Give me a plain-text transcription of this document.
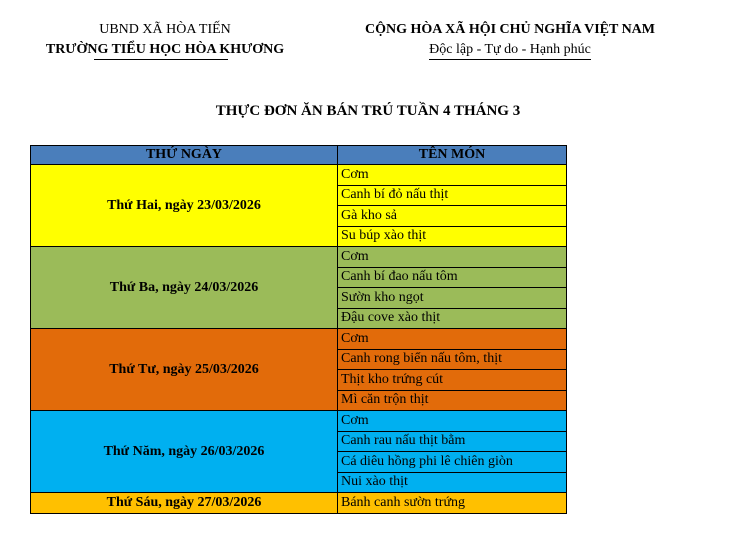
UBND XÃ HÒA TIẾN
TRƯỜNG TIỂU HỌC HÒA KHƯƠNG
CỘNG HÒA XÃ HỘI CHỦ NGHĨA VIỆT NAM
Độc lập - Tự do - Hạnh phúc
THỰC ĐƠN ĂN BÁN TRÚ TUẦN 4 THÁNG 3
THỨ NGÀY	TÊN MÓN
Thứ Hai, ngày 23/03/2026	Cơm
	Canh bí đỏ nấu thịt
	Gà kho sả
	Su búp xào thịt
Thứ Ba, ngày 24/03/2026	Cơm
	Canh bí đao nấu tôm
	Sườn kho ngọt
	Đậu cove xào thịt
Thứ Tư, ngày 25/03/2026	Cơm
	Canh rong biển nấu tôm, thịt
	Thịt kho trứng cút
	Mì căn trộn thịt
Thứ Năm, ngày 26/03/2026	Cơm
	Canh rau nấu thịt bằm
	Cá diêu hồng phi lê chiên giòn
	Nui xào thịt
Thứ Sáu, ngày 27/03/2026	Bánh canh sườn trứng
